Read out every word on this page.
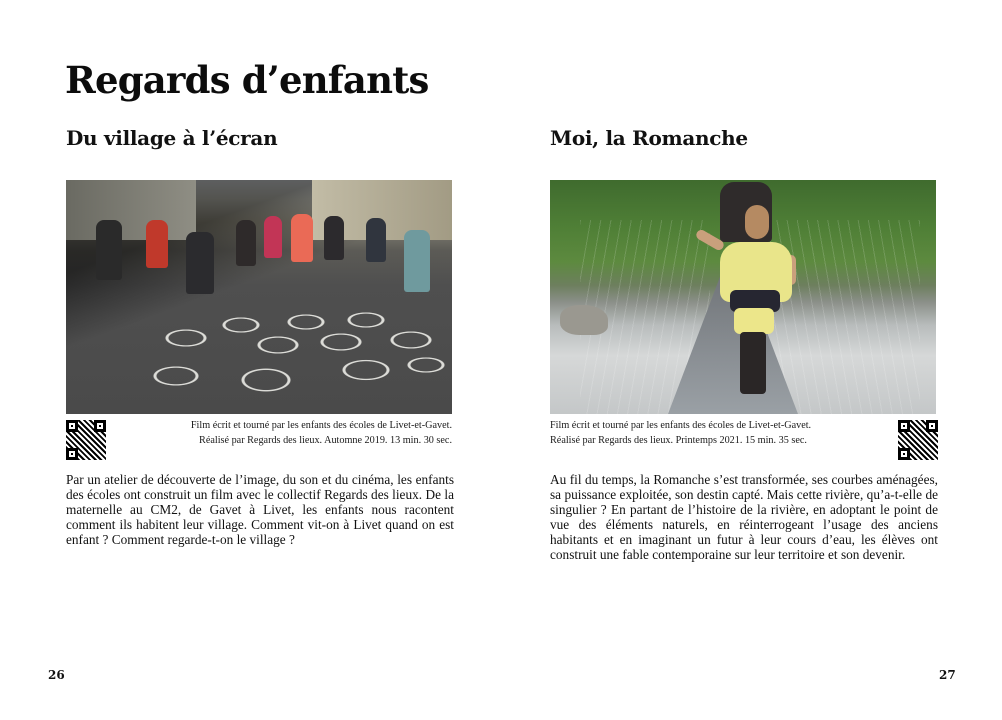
Regards d’enfants
Du village à l’écran
Film écrit et tourné par les enfants des écoles de Livet-et-Gavet.
Réalisé par Regards des lieux. Automne 2019. 13 min. 30 sec.

Par un atelier de découverte de l’image, du son et du cinéma, les enfants des écoles ont construit un film avec le collectif Regards des lieux. De la maternelle au CM2, de Gavet à Livet, les enfants nous racontent comment ils habitent leur village. Comment vit-on à Livet quand on est enfant ? Comment regarde-t-on le village ?

26
Moi, la Romanche
Film écrit et tourné par les enfants des écoles de Livet-et-Gavet.
Réalisé par Regards des lieux. Printemps 2021. 15 min. 35 sec.

Au fil du temps, la Romanche s’est transformée, ses courbes aménagées, sa puissance exploitée, son destin capté. Mais cette rivière, qu’a-t-elle de singulier ? En partant de l’histoire de la rivière, en adoptant le point de vue des éléments naturels, en réinterrogeant l’usage des anciens habitants et en imaginant un futur à leur cours d’eau, les élèves ont construit une fable contemporaine sur leur territoire et son devenir.

27
